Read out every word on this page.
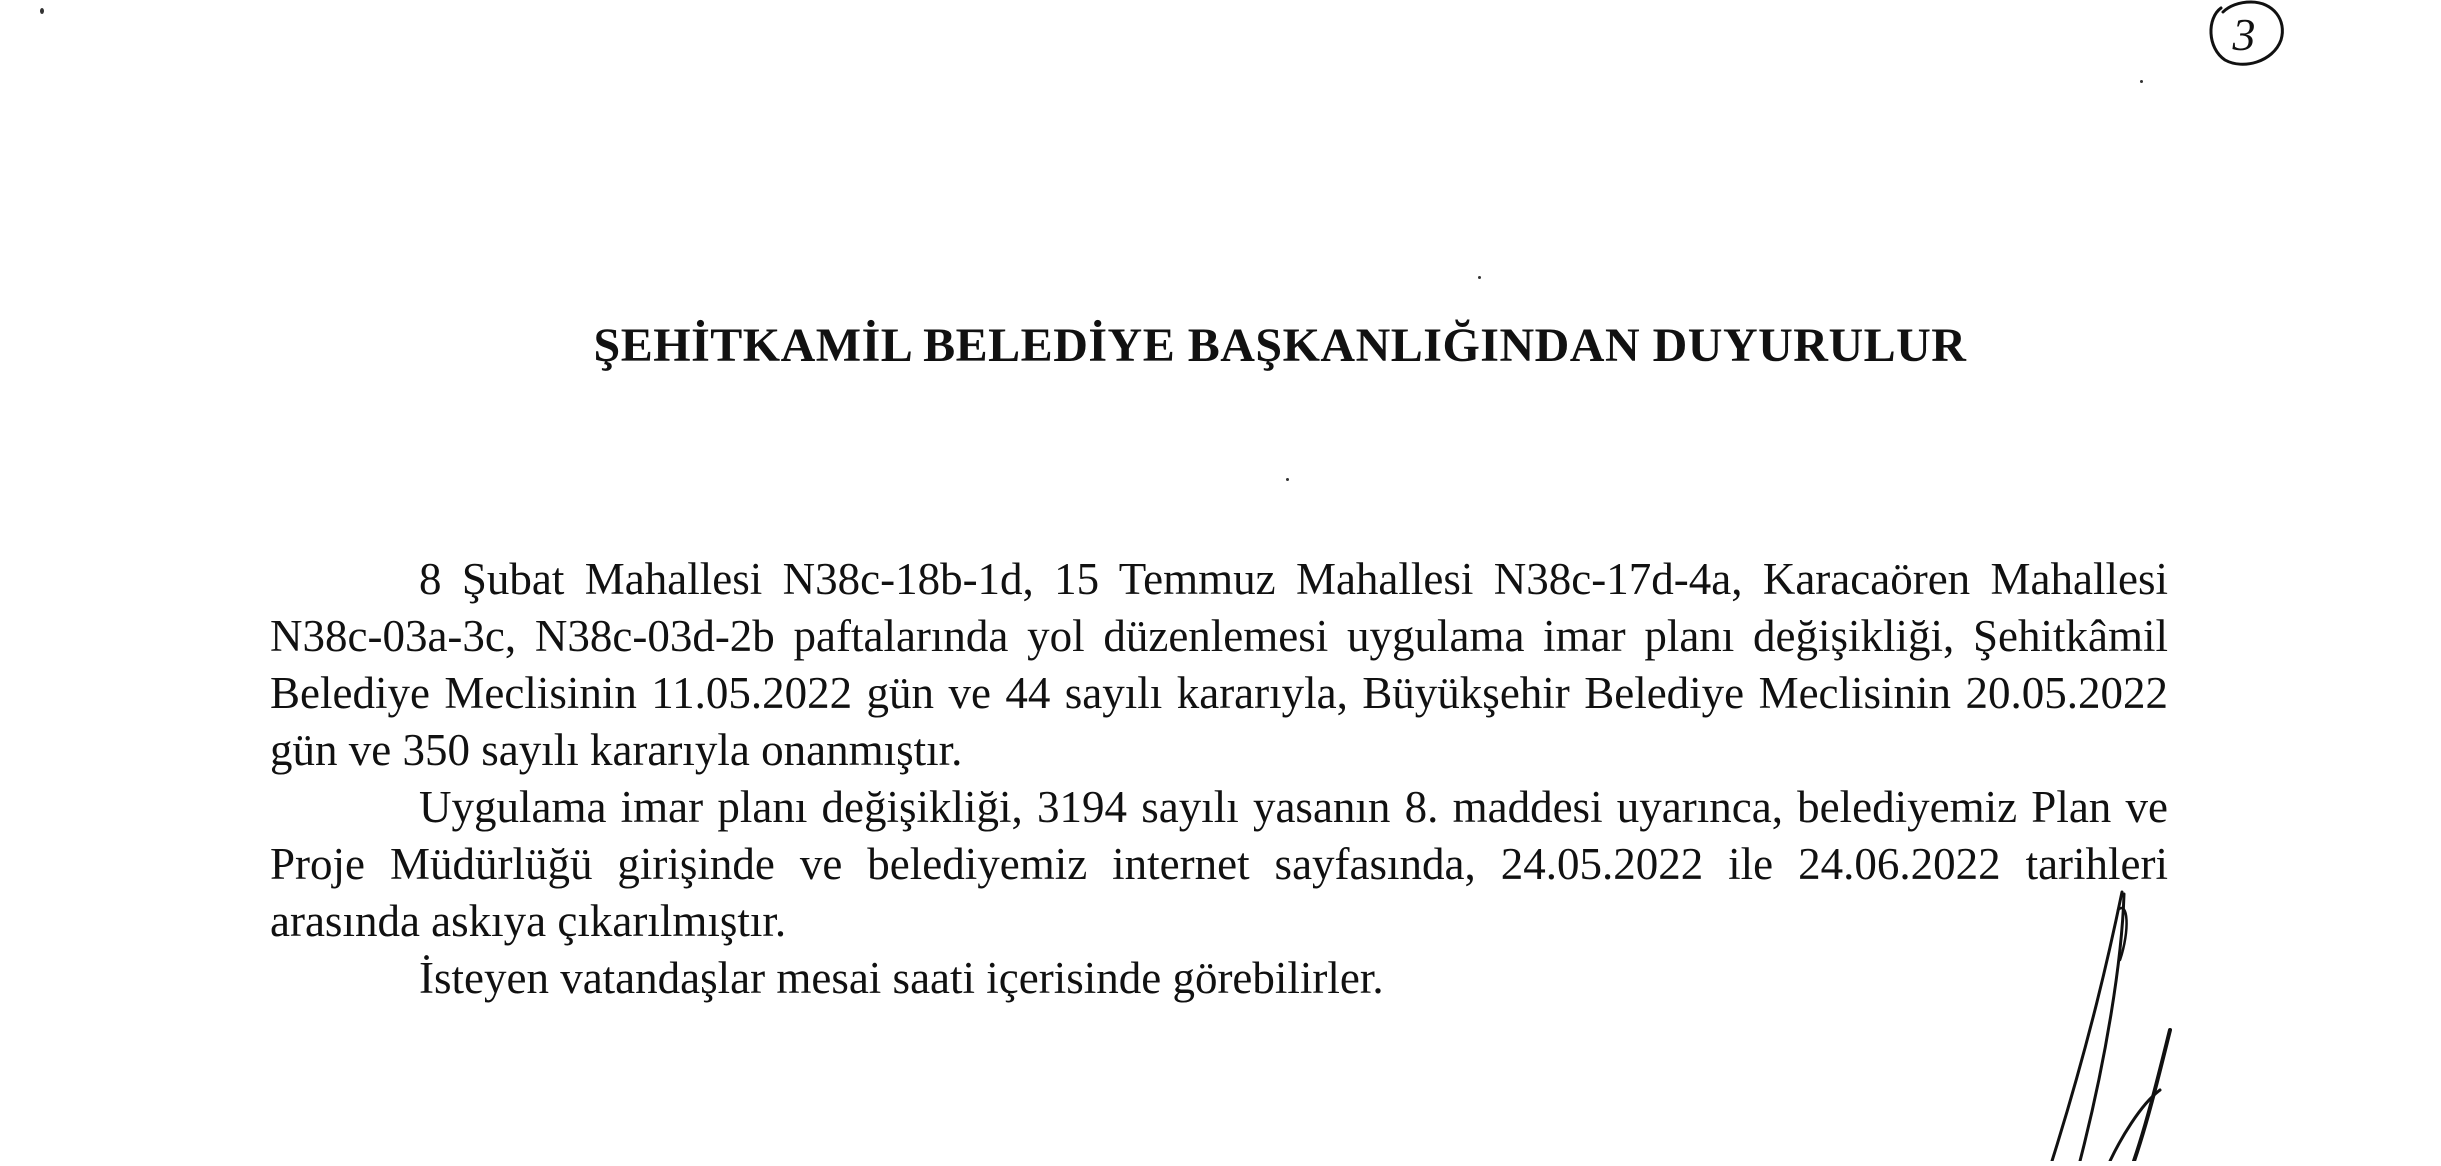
3
ŞEHİTKAMİL BELEDİYE BAŞKANLIĞINDAN DUYURULUR

8 Şubat Mahallesi N38c-18b-1d, 15 Temmuz Mahallesi N38c-17d-4a, Karacaören Mahallesi N38c-03a-3c, N38c-03d-2b paftalarında yol düzenlemesi uygulama imar planı değişikliği, Şehitkâmil Belediye Meclisinin 11.05.2022 gün ve 44 sayılı kararıyla, Büyükşehir Belediye Meclisinin 20.05.2022 gün ve 350 sayılı kararıyla onanmıştır.

Uygulama imar planı değişikliği, 3194 sayılı yasanın 8. maddesi uyarınca, belediyemiz Plan ve Proje Müdürlüğü girişinde ve belediyemiz internet sayfasında, 24.05.2022 ile 24.06.2022 tarihleri arasında askıya çıkarılmıştır.

İsteyen vatandaşlar mesai saati içerisinde görebilirler.
